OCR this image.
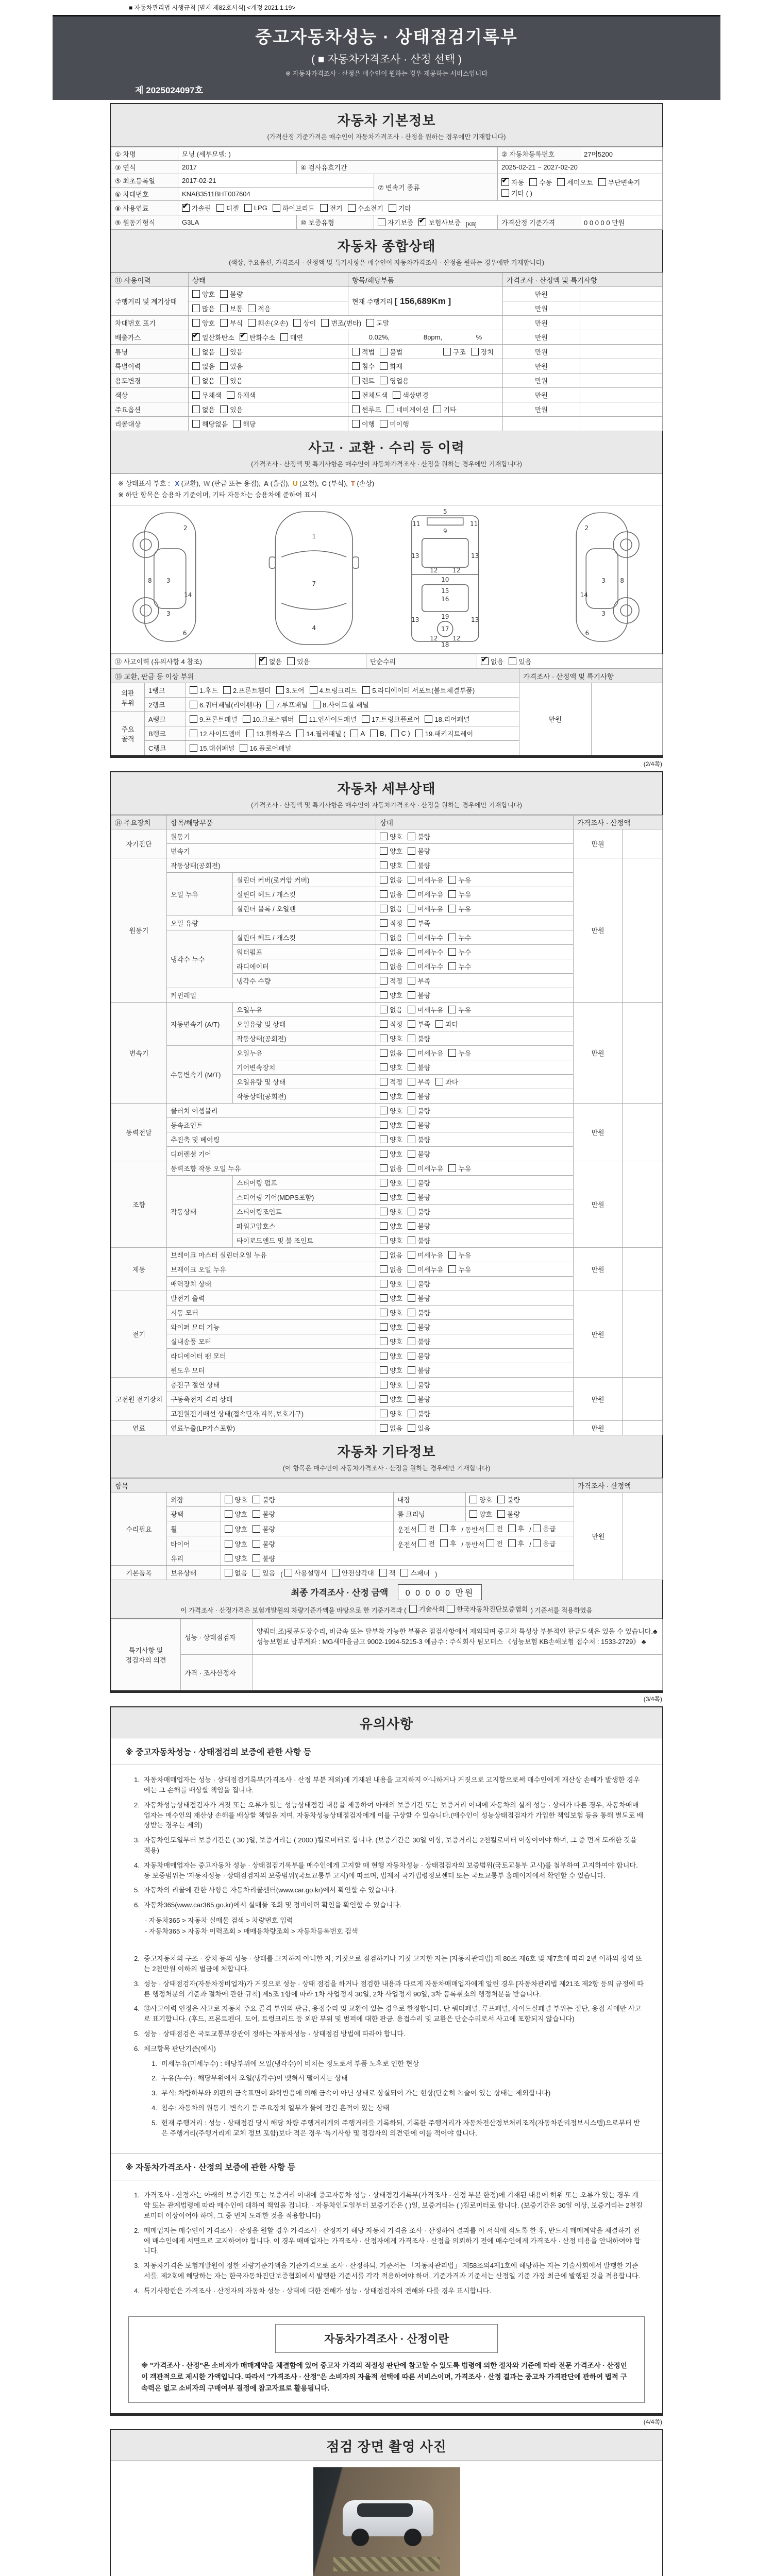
■ 자동차관리법 시행규칙 [별지 제82호서식] <개정 2021.1.19>
중고자동차성능 · 상태점검기록부
( ■ 자동차가격조사 · 산정 선택 )
※ 자동차가격조사 · 산정은 매수인이 원하는 경우 제공하는 서비스입니다
제 2025024097호
자동차 기본정보
(가격산정 기준가격은 매수인이 자동차가격조사 · 산정을 원하는 경우에만 기재합니다)
① 차명	모닝 (세부모델: )			② 자동차등록번호	27머5200
③ 연식	2017	④ 검사유효기간		2025-02-21 ~ 2027-02-20	
⑤ 최초등록일	2017-02-21		⑦ 변속기 종류	
✔
자동 수동 세미오토 무단변속기
기타 ( )

⑥ 차대번호	KNAB3511BHT007604				
⑧ 사용연료	
✔가솔린 디젤 LPG 하이브리드 전기 수소전기 기타

⑨ 원동기형식	G3LA	⑩ 보증유형	자기보증 ✔ 보험사보증 [KB]	가격산정 기준가격	0 0 0 0 0 만원
자동차 종합상태
(색상, 주요옵션, 가격조사 · 산정액 및 특기사항은 매수인이 자동차가격조사 · 산정을 원하는 경우에만 기재합니다)
⑪ 사용이력	상태	항목/해당부품	가격조사 · 산정액 및 특기사항	
주행거리 및 계기상태	양호 불량	현재 주행거리 [ 156,689Km ]	만원	

	많음 보통 적음		만원	
차대번호 표기	양호 부식 훼손(오손) 상이 변조(변타) 도말	만원	
배출가스	
✔일산화탄소 ✔ 탄화수소 매연	0.02%, 8ppm, %	만원	
튜닝	없음 있음	적법 불법 구조 장치	만원	
특별이력	없음 있음	침수 화재	만원	
용도변경	없음 있음	렌트 영업용	만원	
색상	무채색 유채색	전체도색 색상변경	만원	
주요옵션	없음 있음	썬루프 네비게이션 기타	만원	
리콜대상	해당없음 해당	이행 미이행		

사고 · 교환 · 수리 등 이력
(가격조사 · 산정액 및 특기사항은 매수인이 자동차가격조사 · 산정을 원하는 경우에만 기재합니다)
※ 상태표시 부호 : X (교환), W (판금 또는 용접), A (흠집), U (요철), C (부식), T (손상)
※ 하단 항목은 승용차 기준이며, 기타 자동차는 승용차에 준하여 표시
2
8 3
14
3
6
1
7
4
5
9
11	11
13	13
12 12
10
15
16
19
13	13
17
12 12
18
2
8
3
14
3
6
⑫ 사고이력 (유의사항 4 참조)	
✔없음 있음	단순수리	
✔없음 있음
⑬ 교환, 판금 등 이상 부위			가격조사 · 산정액 및 특기사항	
외판 부위	1랭크	1.후드 2.프론트휀더 3.도어 4.트렁크리드 5.라디에이터 서포트(볼트체결부품)	만원	
	2랭크	6.쿼터패널(리어휀다) 7.루프패널 8.사이드실 패널		

주요 골격	A랭크	9.프론트패널 10.크로스멤버 11.인사이드패널 17.트렁크플로어 18.리어패널		

B랭크	12.사이드멤버 13.휠하우스 14.필러패널 ( A B, C ) 19.패키지트레이

	C랭크	15.대쉬패널 16.플로어패널		
(2/4쪽)
자동차 세부상태
(가격조사 · 산정액 및 특기사항은 매수인이 자동차가격조사 · 산정을 원하는 경우에만 기재합니다)
⑭ 주요장치	항목/해당부품		상태	가격조사 · 산정액	
자기진단	원동기		양호 불량	만원	
	변속기		양호 불량		

원동기	작동상태(공회전)		양호 불량	만원	
	오일 누유	실린더 커버(로커암 커버)	없음 미세누유 누유		

		실린더 헤드 / 개스킷	없음 미세누유 누유		

		실린더 블록 / 오일팬	없음 미세누유 누유		

	오일 유량		적정 부족		

	냉각수 누수	실린더 헤드 / 개스킷	없음 미세누수 누수		

		워터펌프	없음 미세누수 누수		

		라디에이터	없음 미세누수 누수		

		냉각수 수량	적정 부족		

	커먼레일		양호 불량		

변속기	자동변속기 (A/T)	오일누유	없음 미세누유 누유	만원	
		오일유량 및 상태	적정 부족 과다		

		작동상태(공회전)	양호 불량		

	수동변속기 (M/T)	오일누유	없음 미세누유 누유		

		기어변속장치	양호 불량		

		오일유량 및 상태	적정 부족 과다		

		작동상태(공회전)	양호 불량		

동력전달	클러치 어셈블리		양호 불량	만원	
	등속죠인트		양호 불량		

	추진축 및 베어링		양호 불량		

	디퍼렌셜 기어		양호 불량		

조향	동력조향 작동 오일 누유		없음 미세누유 누유	만원	
	작동상태	스티어링 펌프	양호 불량		

		스티어링 기어(MDPS포함)	양호 불량		

		스티어링조인트	양호 불량		

		파워고압호스	양호 불량		

		타이로드엔드 및 볼 조인트	양호 불량		

제동	브레이크 마스터 실린더오일 누유		없음 미세누유 누유	만원	
	브레이크 오일 누유		없음 미세누유 누유		

	배력장치 상태		양호 불량		

전기	발전기 출력		양호 불량	만원	
	시동 모터		양호 불량		

	와이퍼 모터 기능		양호 불량		

	실내송풍 모터		양호 불량		

	라디에이터 팬 모터		양호 불량		

	윈도우 모터		양호 불량		

고전원 전기장치	충전구 절연 상태		양호 불량	만원	
	구동축전지 격리 상태		양호 불량		

	고전원전기배선 상태(접속단자,피복,보호기구)		양호 불량		

연료	연료누출(LP가스포함)		없음 있음	만원	
자동차 기타정보
(이 항목은 매수인이 자동차가격조사 · 산정을 원하는 경우에만 기재합니다)
항목					가격조사 · 산정액	
수리필요	외장	양호 불량	내장	양호 불량	만원	
	광택	양호 불량	룸 크리닝	양호 불량		

휠	양호 불량	운전석 전 후 / 동반석 전 후 / 응급

타이어	양호 불량	운전석 전 후 / 동반석 전 후 / 응급

	유리	양호 불량				

기본품목	보유상태	없음 있음 ( 사용설명서 안전삼각대 잭 스패너 )
최종 가격조사 · 산정 금액 0 0 0 0 0 만원
이 가격조사 · 산정가격은 보험개발원의 차량기준가액을 바탕으로 한 기준가격과 ( 기술사회 한국자동차진단보증협회 ) 기준서를 적용하였음
특기사항 및 점검자의 의견	성능 · 상태점검자	양쿼터,조)뒷문도장수리, 비금속 또는 탈부착 가능한 부품은 점검사항에서 제외되며 중고차 특성상 부분적인 판금도색은 있을 수 있습니다.♣ 성능보험료 납부계좌 : MG새마을금고 9002-1994-5215-3 예금주 : 주식회사 팀모터스 《성능보험 KB손해보험 접수처 : 1533-2729》 ♣
	가격 · 조사산정자	
(3/4쪽)
유의사항
※ 중고자동차성능 · 상태점검의 보증에 관한 사항 등
1. 자동차매매업자는 성능 · 상태점검기록부(가격조사 · 산정 부분 제외)에 기재된 내용을 고지하지 아니하거나 거짓으로 고지함으로써 매수인에게 재산상 손해가 발생한 경우에는 그 손해를 배상할 책임을 집니다.
2. 자동차성능상태점검자가 거짓 또는 오류가 있는 성능상태점검 내용을 제공하여 아래의 보증기간 또는 보증거리 이내에 자동차의 실제 성능 · 상태가 다른 경우, 자동차매매업자는 매수인의 재산상 손해를 배상할 책임을 지며, 자동차성능상태점검자에게 이를 구상할 수 있습니다.(매수인이 성능상태점검자가 가입한 책임보험 등을 통해 별도로 배상받는 경우는 제외)
3. 자동차인도일부터 보증기간은 ( 30 )일, 보증거리는 ( 2000 )킬로미터로 합니다. (보증기간은 30일 이상, 보증거리는 2천킬로미터 이상이어야 하며, 그 중 먼저 도래한 것을 적용)
4. 자동차매매업자는 중고자동차 성능 · 상태점검기록부를 매수인에게 고지할 때 현행 자동차성능 · 상태점검자의 보증범위(국토교통부 고시)를 첨부하여 고지하여야 합니다. 동 보증범위는 '자동차성능 · 상태점검자의 보증범위'(국토교통부 고시)에 따르며, 법제처 국가법령정보센터 또는 국토교통부 홈페이지에서 확인할 수 있습니다.
5. 자동차의 리콜에 관한 사항은 자동차리콜센터(www.car.go.kr)에서 확인할 수 있습니다.
6. 자동차365(www.car365.go.kr)에서 실매물 조회 및 정비이력 확인을 확인할 수 있습니다.
- 자동차365 > 자동차 실매물 검색 > 차량번호 입력
- 자동차365 > 자동차 이력조회 > 매매용차량조회 > 자동차등록번호 검색
2. 중고자동차의 구조 · 장치 등의 성능 · 상태를 고지하지 아니한 자, 거짓으로 점검하거나 거짓 고지한 자는 [자동차관리법] 제 80조 제6호 및 제7호에 따라 2년 이하의 징역 또는 2천만원 이하의 벌금에 처합니다.
3. 성능 · 상태점검자(자동차정비업자)가 거짓으로 성능 · 상태 점검을 하거나 점검한 내용과 다르게 자동차매매업자에게 알린 경우 [자동차관리법 제21조 제2항 등의 규정에 따른 행정처분의 기준과 절차에 관한 규칙] 제5조 1항에 따라 1차 사업정지 30일, 2차 사업정지 90일, 3차 등록취소의 행정처분을 받습니다.
4. ⑫사고이력 인정은 사고로 자동차 주요 골격 부위의 판금, 용접수리 및 교환이 있는 경우로 한정합니다. 단 쿼터패널, 루프패널, 사이드실패널 부위는 절단, 용접 시에만 사고로 표기합니다. (후드, 프론트펜더, 도어, 트렁크리드 등 외판 부위 및 범퍼에 대한 판금, 용접수리 및 교환은 단순수리로서 사고에 포함되지 않습니다)
5. 성능 · 상태점검은 국토교통부장관이 정하는 자동차성능 · 상태점검 방법에 따라야 합니다.
6. 체크항목 판단기준(예시)
1. 미세누유(미세누수) : 해당부위에 오일(냉각수)이 비치는 정도로서 부품 노후로 인한 현상
2. 누유(누수) : 해당부위에서 오일(냉각수)이 맺혀서 떨어지는 상태
3. 부식: 차량하부와 외판의 금속표면이 화학반응에 의해 금속이 아닌 상태로 상실되어 가는 현상(단순히 녹슬어 있는 상태는 제외합니다)
4. 침수: 자동차의 원동기, 변속기 등 주요장치 일부가 물에 잠긴 흔적이 있는 상태
5. 현재 주행거리 : 성능 · 상태점검 당시 해당 차량 주행거리계의 주행거리를 기록하되, 기록한 주행거리가 자동차전산정보처리조직(자동차관리정보시스템)으로부터 받은 주행거리(주행거리계 교체 정보 포함)보다 적은 경우 '특기사항 및 점검자의 의견'란에 이를 적어야 합니다.
※ 자동차가격조사 · 산정의 보증에 관한 사항 등
1. 가격조사 · 산정자는 아래의 보증기간 또는 보증거리 이내에 중고자동차 성능 · 상태점검기록부(가격조사 · 산정 부분 한정)에 기재된 내용에 허위 또는 오류가 있는 경우 계약 또는 관계법령에 따라 매수인에 대하여 책임을 집니다. · 자동차인도일부터 보증기간은 ( )일, 보증거리는 ( )킬로미터로 합니다. (보증기간은 30일 이상, 보증거리는 2천킬로미터 이상이어야 하며, 그 중 먼저 도래한 것을 적용합니다)
2. 매매업자는 매수인이 가격조사 · 산정을 원할 경우 가격조사 · 산정자가 해당 자동차 가격을 조사 · 산정하여 결과를 이 서식에 적도록 한 후, 반드시 매매계약을 체결하기 전에 매수인에게 서면으로 고지하여야 합니다. 이 경우 매매업자는 가격조사 · 산정자에게 가격조사 · 산정을 의뢰하기 전에 매수인에게 가격조사 · 산정 비용을 안내하여야 합니다.
3. 자동차가격은 보험개발원이 정한 차량기준가액을 기준가격으로 조사 · 산정하되, 기준서는 「자동차관리법」 제58조의4제1호에 해당하는 자는 기술사회에서 발행한 기준서를, 제2호에 해당하는 자는 한국자동차진단보증협회에서 발행한 기준서를 각각 적용하여야 하며, 기준가격과 기준서는 산정일 기준 가장 최근에 발행된 것을 적용합니다.
4. 특기사항란은 가격조사 · 산정자의 자동차 성능 · 상태에 대한 견해가 성능 · 상태점검자의 견해와 다를 경우 표시합니다.
자동차가격조사 · 산정이란
※ "가격조사 · 산정"은 소비자가 매매계약을 체결함에 있어 중고차 가격의 적절성 판단에 참고할 수 있도록 법령에 의한 절차와 기준에 따라 전문 가격조사 · 산정인이 객관적으로 제시한 가액입니다. 따라서 "가격조사 · 산정"은 소비자의 자율적 선택에 따른 서비스이며, 가격조사 · 산정 결과는 중고차 가격판단에 관하여 법적 구속력은 없고 소비자의 구매여부 결정에 참고자료로 활용됩니다.
(4/4쪽)
점검 장면 촬영 사진
